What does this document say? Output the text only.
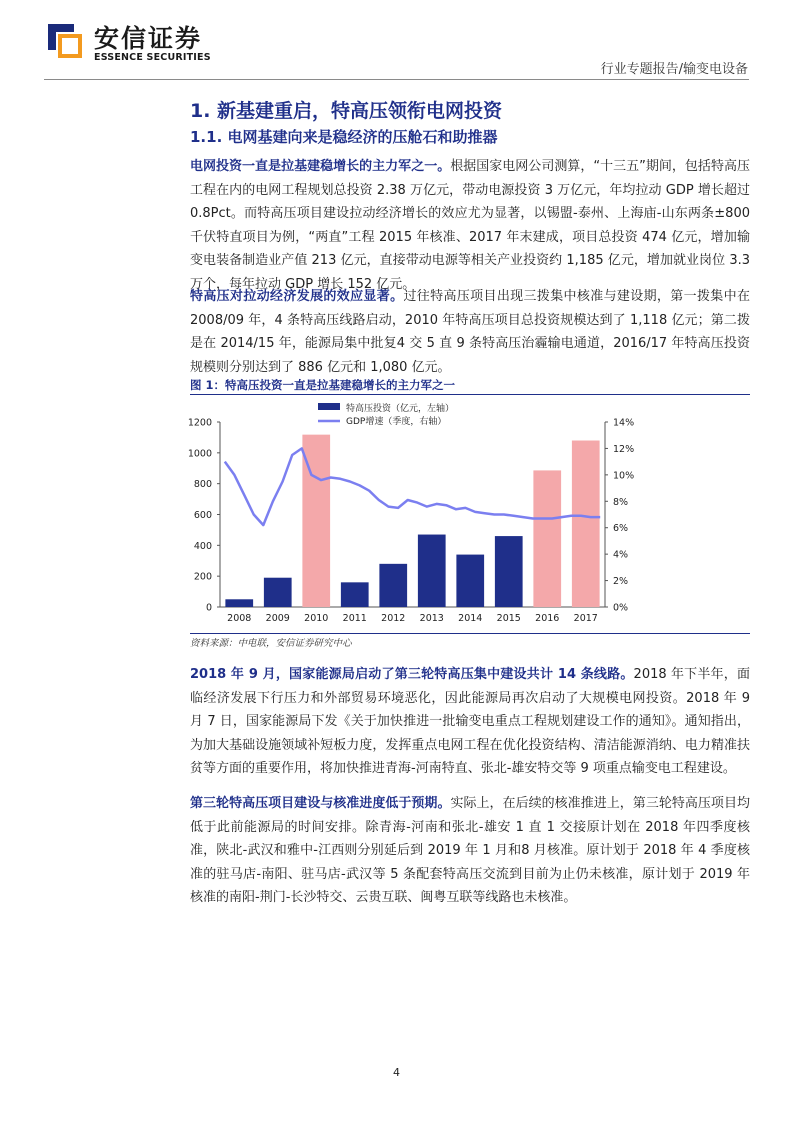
安信证券
ESSENCE SECURITIES
行业专题报告/输变电设备
1. 新基建重启，特高压领衔电网投资
1.1. 电网基建向来是稳经济的压舱石和助推器
电网投资一直是拉基建稳增长的主力军之一。根据国家电网公司测算，“十三五”期间，包括特高压工程在内的电网工程规划总投资 2.38 万亿元，带动电源投资 3 万亿元，年均拉动 GDP 增长超过 0.8Pct。而特高压项目建设拉动经济增长的效应尤为显著，以锡盟-泰州、上海庙-山东两条±800 千伏特直项目为例，“两直”工程 2015 年核准、2017 年末建成，项目总投资 474 亿元，增加输变电装备制造业产值 213 亿元，直接带动电源等相关产业投资约 1,185 亿元，增加就业岗位 3.3 万个，每年拉动 GDP 增长 152 亿元。
特高压对拉动经济发展的效应显著。过往特高压项目出现三拨集中核准与建设期，第一拨集中在 2008/09 年，4 条特高压线路启动，2010 年特高压项目总投资规模达到了 1,118 亿元；第二拨是在 2014/15 年，能源局集中批复4 交 5 直 9 条特高压治霾输电通道，2016/17 年特高压投资规模则分别达到了 886 亿元和 1,080 亿元。
图 1：特高压投资一直是拉基建稳增长的主力军之一
0
200
400
600
800
1000
1200
0%
2%
4%
6%
8%
10%
12%
14%
2008 2009 2010 2011 2012 2013 2014 2015 2016 2017
特高压投资（亿元，左轴）
GDP增速（季度，右轴）
资料来源：中电联，安信证券研究中心
2018 年 9 月，国家能源局启动了第三轮特高压集中建设共计 14 条线路。2018 年下半年，面临经济发展下行压力和外部贸易环境恶化，因此能源局再次启动了大规模电网投资。2018 年 9 月 7 日，国家能源局下发《关于加快推进一批输变电重点工程规划建设工作的通知》。通知指出，为加大基础设施领域补短板力度，发挥重点电网工程在优化投资结构、清洁能源消纳、电力精准扶贫等方面的重要作用，将加快推进青海-河南特直、张北-雄安特交等 9 项重点输变电工程建设。
第三轮特高压项目建设与核准进度低于预期。实际上，在后续的核准推进上，第三轮特高压项目均低于此前能源局的时间安排。除青海-河南和张北-雄安 1 直 1 交接原计划在 2018 年四季度核准，陕北-武汉和雅中-江西则分别延后到 2019 年 1 月和8 月核准。原计划于 2018 年 4 季度核准的驻马店-南阳、驻马店-武汉等 5 条配套特高压交流到目前为止仍未核准，原计划于 2019 年核准的南阳-荆门-长沙特交、云贵互联、闽粤互联等线路也未核准。
4
